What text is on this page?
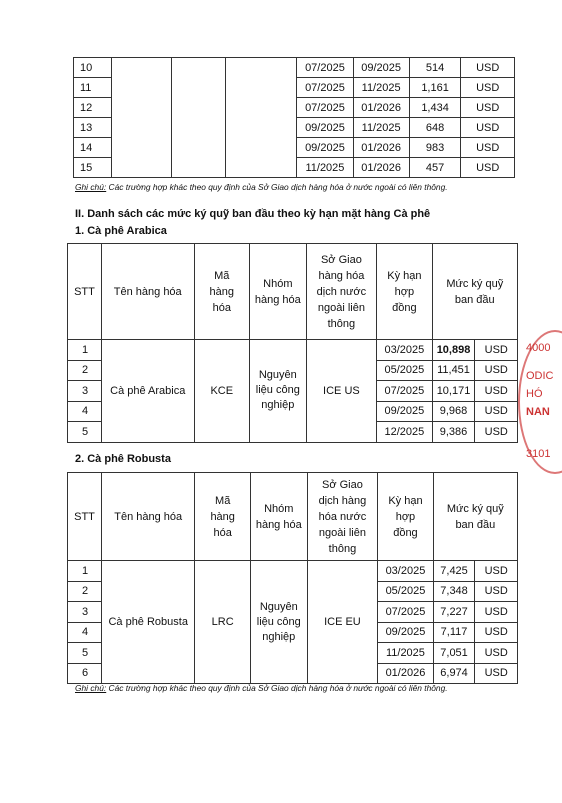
10				07/2025	09/2025	514	USD
11				07/2025	11/2025	1,161	USD
12				07/2025	01/2026	1,434	USD
13				09/2025	11/2025	648	USD
14				09/2025	01/2026	983	USD
15				11/2025	01/2026	457	USD
Ghi chú: Các trường hợp khác theo quy định của Sở Giao dịch hàng hóa ở nước ngoài có liên thông.
II. Danh sách các mức ký quỹ ban đầu theo kỳ hạn mặt hàng Cà phê
1. Cà phê Arabica
STT	Tên hàng hóa	Mã hàng hóa	Nhóm hàng hóa	Sở Giao hàng hóa dịch nước ngoài liên thông	Kỳ hạn hợp đồng	Mức ký quỹ ban đầu	
1	Cà phê Arabica	KCE	Nguyên liệu công nghiệp	ICE US	03/2025	10,898	USD
2					05/2025	11,451	USD
3					07/2025	10,171	USD
4					09/2025	9,968	USD
5					12/2025	9,386	USD
2. Cà phê Robusta
STT	Tên hàng hóa	Mã hàng hóa	Nhóm hàng hóa	Sở Giao dịch hàng hóa nước ngoài liên thông	Kỳ hạn hợp đồng	Mức ký quỹ ban đầu	
1	Cà phê Robusta	LRC	Nguyên liệu công nghiệp	ICE EU	03/2025	7,425	USD
2					05/2025	7,348	USD
3					07/2025	7,227	USD
4					09/2025	7,117	USD
5					11/2025	7,051	USD
6					01/2026	6,974	USD
Ghi chú: Các trường hợp khác theo quy định của Sở Giao dịch hàng hóa ở nước ngoài có liên thông.
4000
ODIC
HÓ
NAN
3101
